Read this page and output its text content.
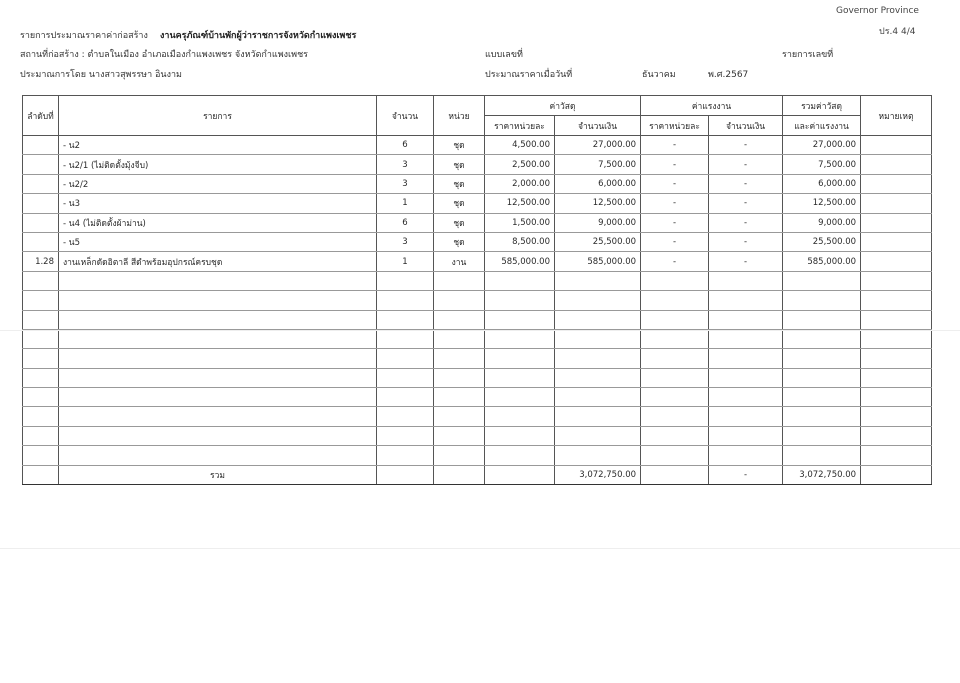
Governor Province
ปร.4 4/4
รายการประมาณราคาค่าก่อสร้าง งานครุภัณฑ์บ้านพักผู้ว่าราชการจังหวัดกำแพงเพชร
สถานที่ก่อสร้าง : ตำบลในเมือง อำเภอเมืองกำแพงเพชร จังหวัดกำแพงเพชร	แบบเลขที่	รายการเลขที่
ประมาณการโดย นางสาวสุพรรษา อินงาม	ประมาณราคาเมื่อวันที่	ธันวาคม	พ.ศ.2567
ลำดับที่	รายการ	จำนวน	หน่วย	ค่าวัสดุ		ค่าแรงงาน		รวมค่าวัสดุ	หมายเหตุ
				ราคาหน่วยละ	จำนวนเงิน	ราคาหน่วยละ	จำนวนเงิน	และค่าแรงงาน	
	- น2	6	ชุด	4,500.00	27,000.00	-	-	27,000.00	
	- น2/1 (ไม่ติดตั้งมุ้งจีบ)	3	ชุด	2,500.00	7,500.00	-	-	7,500.00	
	- น2/2	3	ชุด	2,000.00	6,000.00	-	-	6,000.00	
	- น3	1	ชุด	12,500.00	12,500.00	-	-	12,500.00	
	- น4 (ไม่ติดตั้งผ้าม่าน)	6	ชุด	1,500.00	9,000.00	-	-	9,000.00	
	- น5	3	ชุด	8,500.00	25,500.00	-	-	25,500.00	
1.28	งานเหล็กดัดอิตาลี สีดำพร้อมอุปกรณ์ครบชุด	1	งาน	585,000.00	585,000.00	-	-	585,000.00	

	รวม				3,072,750.00		-	3,072,750.00	
